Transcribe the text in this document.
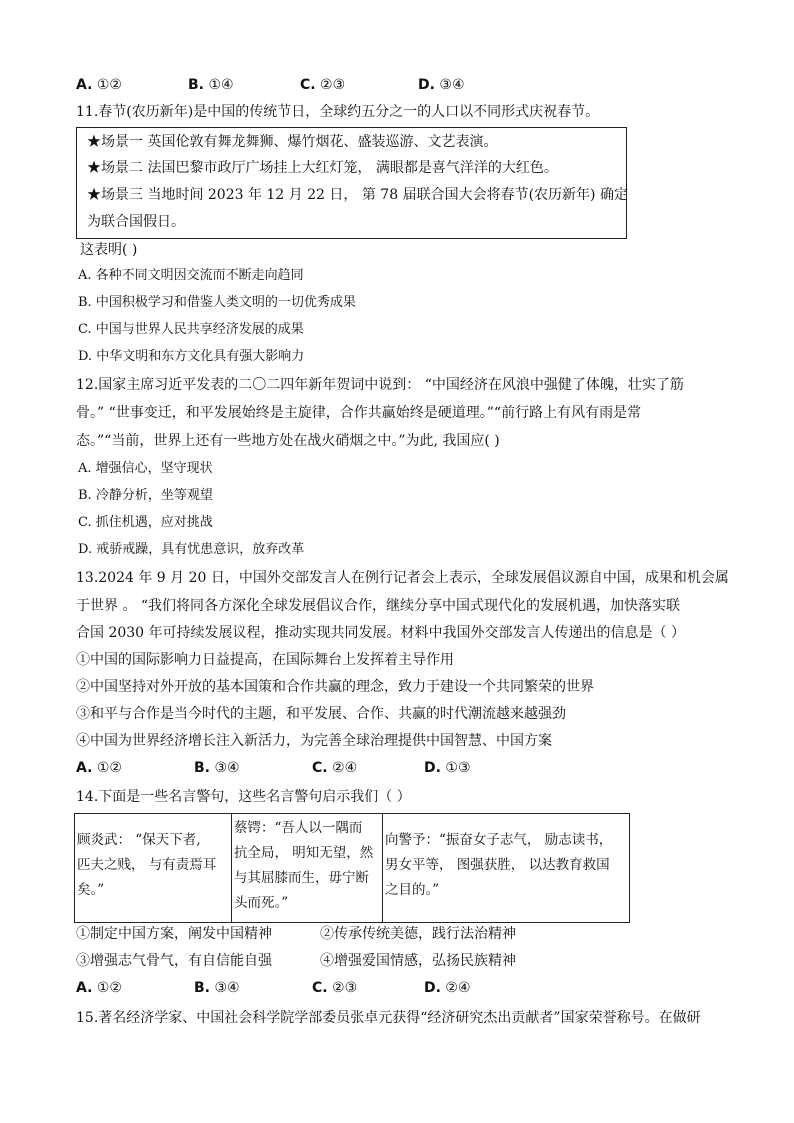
A. ①②	B. ①④	C. ②③	D. ③④
11.春节(农历新年)是中国的传统节日，全球约五分之一的人口以不同形式庆祝春节。
★场景一 英国伦敦有舞龙舞狮、爆竹烟花、盛装巡游、文艺表演。
★场景二 法国巴黎市政厅广场挂上大红灯笼， 满眼都是喜气洋洋的大红色。
★场景三 当地时间 2023 年 12 月 22 日， 第 78 届联合国大会将春节(农历新年) 确定
为联合国假日。
这表明( )
A. 各种不同文明因交流而不断走向趋同
B. 中国积极学习和借鉴人类文明的一切优秀成果
C. 中国与世界人民共享经济发展的成果
D. 中华文明和东方文化具有强大影响力
12.国家主席习近平发表的二〇二四年新年贺词中说到： “中国经济在风浪中强健了体魄，壮实了筋
骨。” “世事变迁，和平发展始终是主旋律，合作共赢始终是硬道理。”“前行路上有风有雨是常
态。”“当前，世界上还有一些地方处在战火硝烟之中。”为此, 我国应( )
A. 增强信心，坚守现状
B. 冷静分析，坐等观望
C. 抓住机遇，应对挑战
D. 戒骄戒躁，具有忧患意识，放弃改革
13.2024 年 9 月 20 日，中国外交部发言人在例行记者会上表示，全球发展倡议源自中国，成果和机会属
于世界 。 “我们将同各方深化全球发展倡议合作，继续分享中国式现代化的发展机遇，加快落实联
合国 2030 年可持续发展议程，推动实现共同发展。材料中我国外交部发言人传递出的信息是（ ）
①中国的国际影响力日益提高，在国际舞台上发挥着主导作用
②中国坚持对外开放的基本国策和合作共赢的理念，致力于建设一个共同繁荣的世界
③和平与合作是当今时代的主题，和平发展、合作、共赢的时代潮流越来越强劲
④中国为世界经济增长注入新活力，为完善全球治理提供中国智慧、中国方案
A. ①②	B. ③④	C. ②④	D. ①③
14.下面是一些名言警句，这些名言警句启示我们（ ）
顾炎武： “保天下者,
匹夫之贱， 与有责焉耳
矣。”
蔡锷：“吾人以一隅而
抗全局， 明知无望，然
与其屈膝而生，毋宁断
头而死。”
向警予：“振奋女子志气， 励志读书，
男女平等， 图强获胜， 以达教育救国
之目的。”
①制定中国方案，阐发中国精神	②传承传统美德，践行法治精神
③增强志气骨气，有自信能自强	④增强爱国情感，弘扬民族精神
A. ①②	B. ③④	C. ②③	D. ②④
15.著名经济学家、中国社会科学院学部委员张卓元获得“经济研究杰出贡献者”国家荣誉称号。在做研
